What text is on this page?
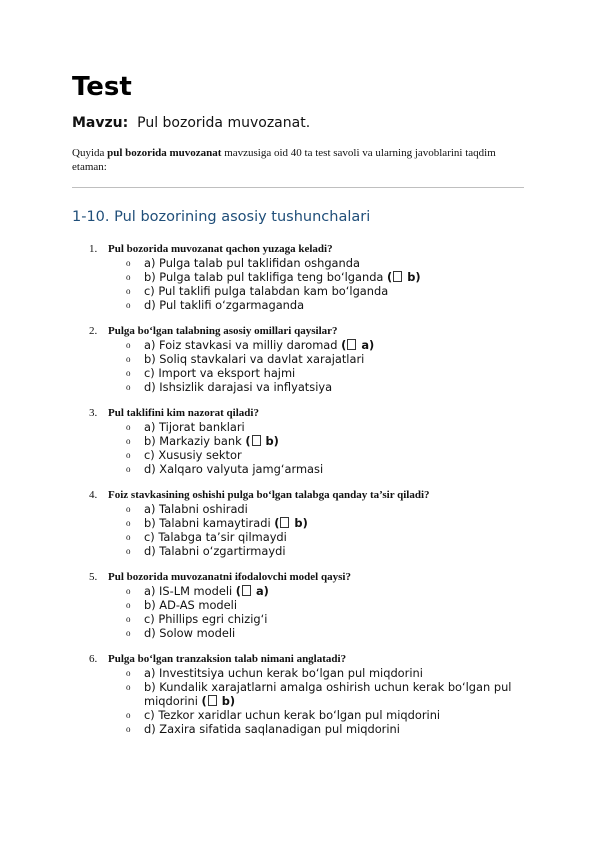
Test
Mavzu: Pul bozorida muvozanat.

Quyida pul bozorida muvozanat mavzusiga oid 40 ta test savoli va ularning javoblarini taqdim etaman:

1-10. Pul bozorining asosiy tushunchalari
1. Pul bozorida muvozanat qachon yuzaga keladi?
o a) Pulga talab pul taklifidan oshganda
o b) Pulga talab pul taklifiga teng bo‘lganda ( b)
o c) Pul taklifi pulga talabdan kam bo‘lganda
o d) Pul taklifi o‘zgarmaganda
2. Pulga bo‘lgan talabning asosiy omillari qaysilar?
o a) Foiz stavkasi va milliy daromad ( a)
o b) Soliq stavkalari va davlat xarajatlari
o c) Import va eksport hajmi
o d) Ishsizlik darajasi va inflyatsiya
3. Pul taklifini kim nazorat qiladi?
o a) Tijorat banklari
o b) Markaziy bank ( b)
o c) Xususiy sektor
o d) Xalqaro valyuta jamg‘armasi
4. Foiz stavkasining oshishi pulga bo‘lgan talabga qanday ta’sir qiladi?
o a) Talabni oshiradi
o b) Talabni kamaytiradi ( b)
o c) Talabga ta’sir qilmaydi
o d) Talabni o‘zgartirmaydi
5. Pul bozorida muvozanatni ifodalovchi model qaysi?
o a) IS-LM modeli ( a)
o b) AD-AS modeli
o c) Phillips egri chizig‘i
o d) Solow modeli
6. Pulga bo‘lgan tranzaksion talab nimani anglatadi?
o a) Investitsiya uchun kerak bo‘lgan pul miqdorini
o b) Kundalik xarajatlarni amalga oshirish uchun kerak bo‘lgan pul miqdorini ( b)
o c) Tezkor xaridlar uchun kerak bo‘lgan pul miqdorini
o d) Zaxira sifatida saqlanadigan pul miqdorini
